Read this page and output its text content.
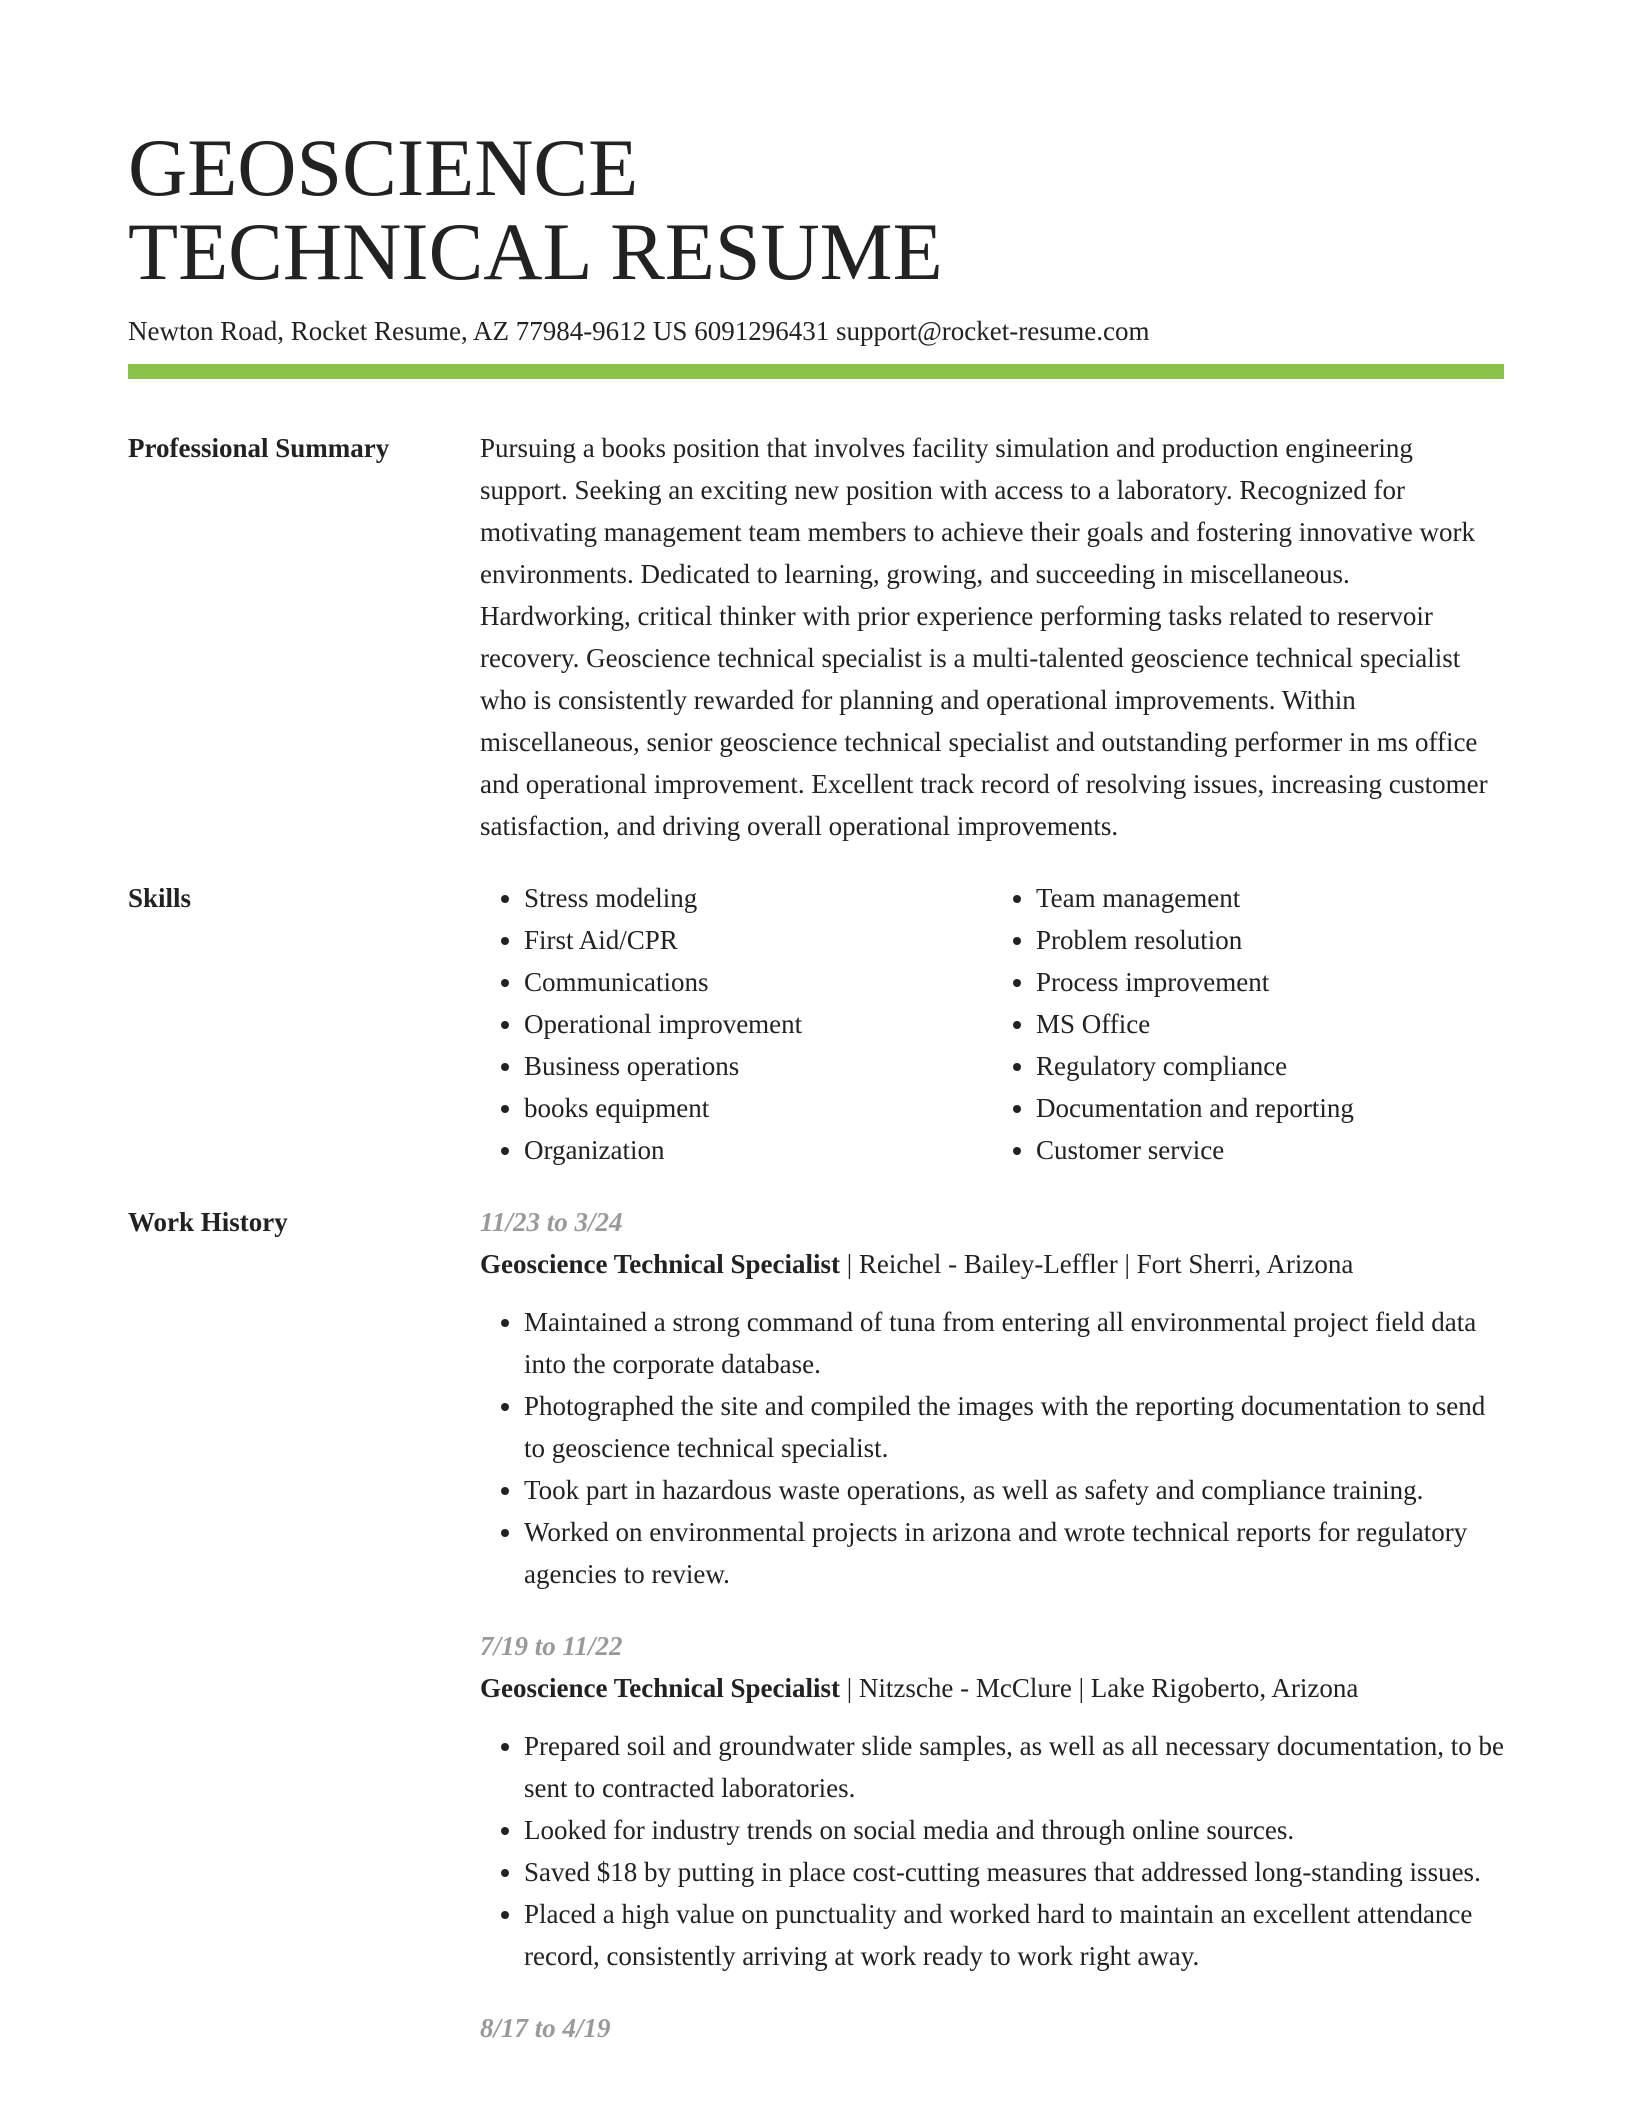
GEOSCIENCE
TECHNICAL RESUME
Newton Road, Rocket Resume, AZ 77984-9612 US 6091296431 support@rocket-resume.com
Professional Summary	Pursuing a books position that involves facility simulation and production engineering support. Seeking an exciting new position with access to a laboratory. Recognized for motivating management team members to achieve their goals and fostering innovative work environments. Dedicated to learning, growing, and succeeding in miscellaneous. Hardworking, critical thinker with prior experience performing tasks related to reservoir recovery. Geoscience technical specialist is a multi-talented geoscience technical specialist who is consistently rewarded for planning and operational improvements. Within miscellaneous, senior geoscience technical specialist and outstanding performer in ms office and operational improvement. Excellent track record of resolving issues, increasing customer satisfaction, and driving overall operational improvements.

Skills
•	Stress modeling
• First Aid/CPR
• Communications
• Operational improvement
• Business operations
• books equipment
• Organization
• Team management
• Problem resolution
• Process improvement
• MS Office
• Regulatory compliance
• Documentation and reporting
• Customer service
Work History	11/23 to 3/24
Geoscience Technical Specialist | Reichel - Bailey-Leffler | Fort Sherri, Arizona
• Maintained a strong command of tuna from entering all environmental project field data into the corporate database.
• Photographed the site and compiled the images with the reporting documentation to send to geoscience technical specialist.
• Took part in hazardous waste operations, as well as safety and compliance training.
• Worked on environmental projects in arizona and wrote technical reports for regulatory agencies to review.
7/19 to 11/22
Geoscience Technical Specialist | Nitzsche - McClure | Lake Rigoberto, Arizona
• Prepared soil and groundwater slide samples, as well as all necessary documentation, to be sent to contracted laboratories.
• Looked for industry trends on social media and through online sources.
• Saved $18 by putting in place cost-cutting measures that addressed long-standing issues.
• Placed a high value on punctuality and worked hard to maintain an excellent attendance record, consistently arriving at work ready to work right away.
8/17 to 4/19
